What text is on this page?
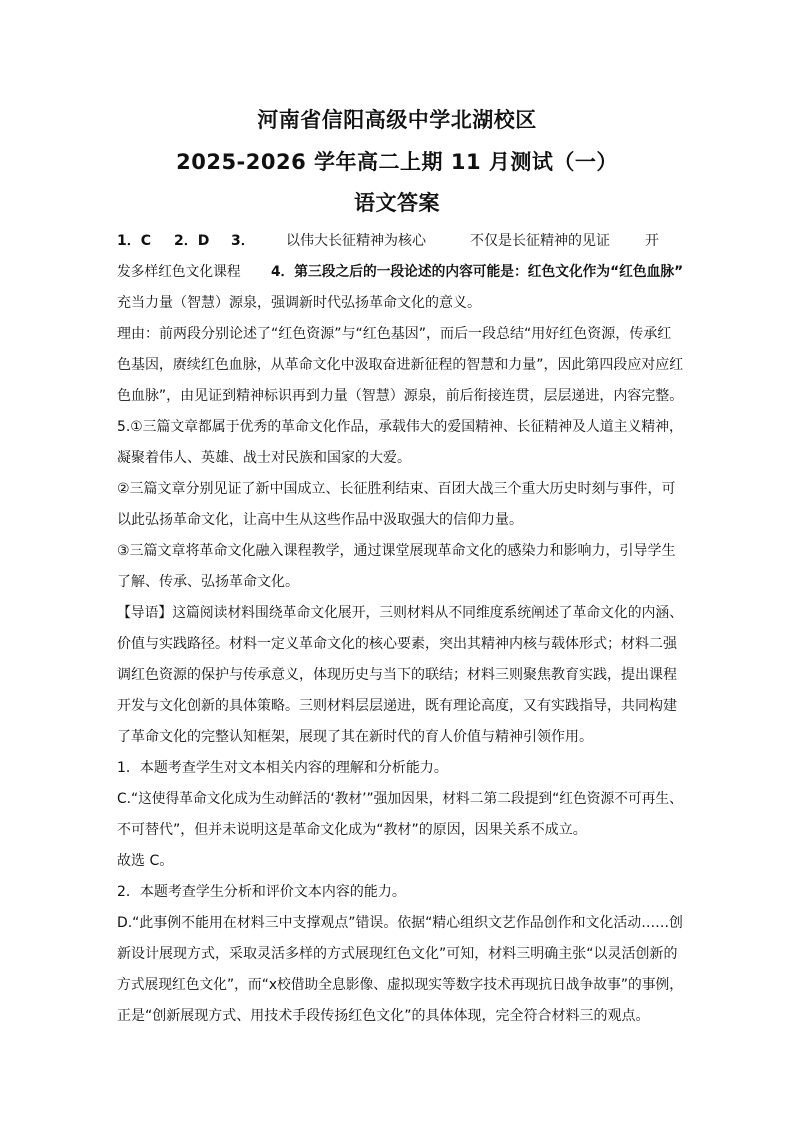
河南省信阳高级中学北湖校区
2025-2026 学年高二上期 11 月测试（一）
语文答案
1．C 2．D 3． 以伟大长征精神为核心	不仅是长征精神的见证	开
发多样红色文化课程 4．第三段之后的一段论述的内容可能是：红色文化作为“红色血脉”
充当力量（智慧）源泉，强调新时代弘扬革命文化的意义。
理由：前两段分别论述了“红色资源”与“红色基因”，而后一段总结“用好红色资源，传承红
色基因，赓续红色血脉，从革命文化中汲取奋进新征程的智慧和力量”，因此第四段应对应红
色血脉”，由见证到精神标识再到力量（智慧）源泉，前后衔接连贯，层层递进，内容完整。
5.①三篇文章都属于优秀的革命文化作品，承载伟大的爱国精神、长征精神及人道主义精神，
凝聚着伟人、英雄、战士对民族和国家的大爱。
②三篇文章分别见证了新中国成立、长征胜利结束、百团大战三个重大历史时刻与事件，可
以此弘扬革命文化，让高中生从这些作品中汲取强大的信仰力量。
③三篇文章将革命文化融入课程教学，通过课堂展现革命文化的感染力和影响力，引导学生
了解、传承、弘扬革命文化。
【导语】这篇阅读材料围绕革命文化展开，三则材料从不同维度系统阐述了革命文化的内涵、
价值与实践路径。材料一定义革命文化的核心要素，突出其精神内核与载体形式；材料二强
调红色资源的保护与传承意义，体现历史与当下的联结；材料三则聚焦教育实践，提出课程
开发与文化创新的具体策略。三则材料层层递进，既有理论高度，又有实践指导，共同构建
了革命文化的完整认知框架，展现了其在新时代的育人价值与精神引领作用。
1．本题考查学生对文本相关内容的理解和分析能力。
C.“这使得革命文化成为生动鲜活的‘教材’”强加因果，材料二第二段提到“红色资源不可再生、
不可替代”，但并未说明这是革命文化成为“教材”的原因，因果关系不成立。
故选 C。
2．本题考查学生分析和评价文本内容的能力。
D.“此事例不能用在材料三中支撑观点”错误。依据“精心组织文艺作品创作和文化活动……创
新设计展现方式，采取灵活多样的方式展现红色文化”可知，材料三明确主张“以灵活创新的
方式展现红色文化”，而“x校借助全息影像、虚拟现实等数字技术再现抗日战争故事”的事例，
正是“创新展现方式、用技术手段传扬红色文化”的具体体现，完全符合材料三的观点。
